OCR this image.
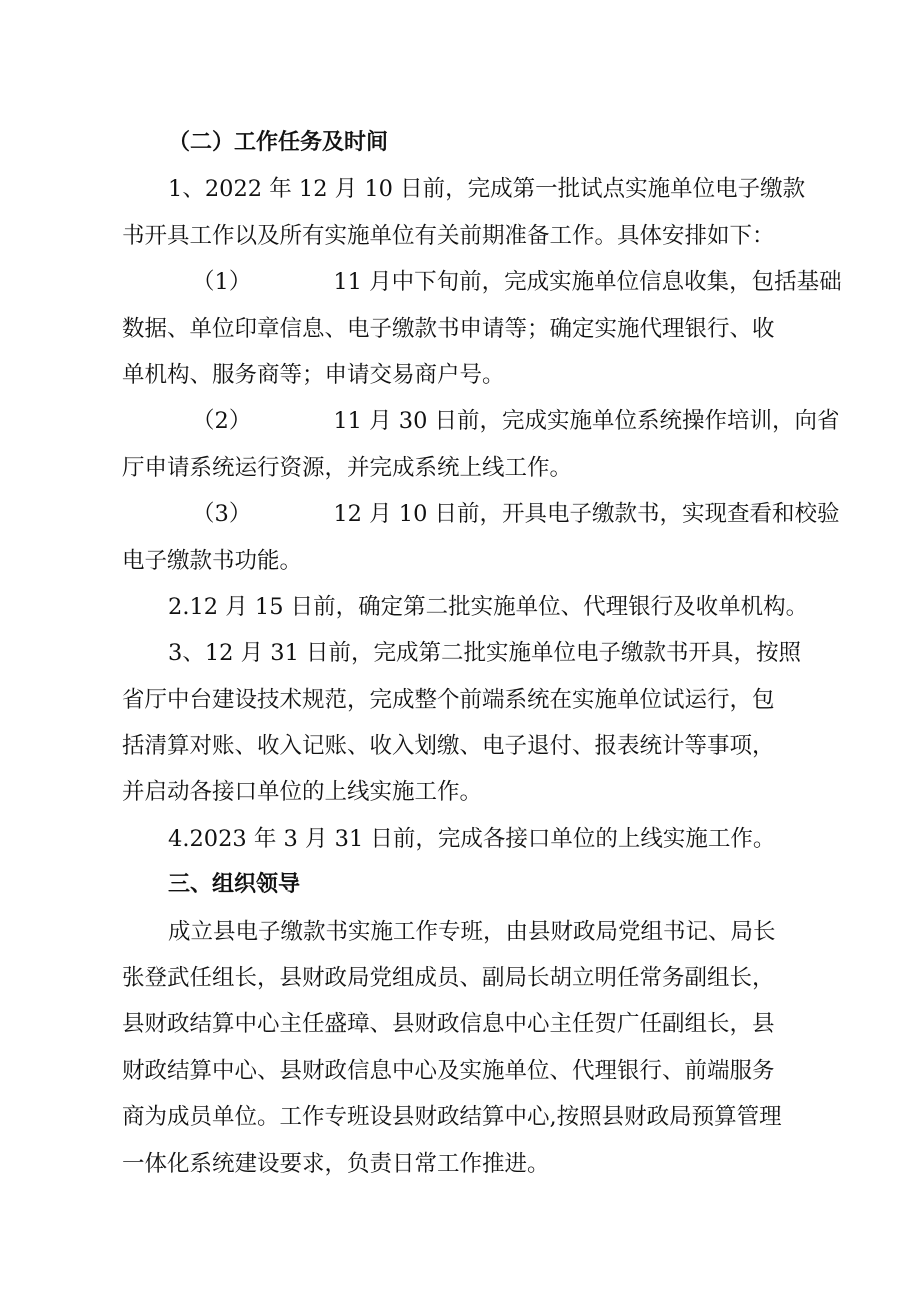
（二）工作任务及时间
1、2022 年 12 月 10 日前，完成第一批试点实施单位电子缴款
书开具工作以及所有实施单位有关前期准备工作。具体安排如下：
（1）	11 月中下旬前，完成实施单位信息收集，包括基础
数据、单位印章信息、电子缴款书申请等；确定实施代理银行、收
单机构、服务商等；申请交易商户号。
（2）	11 月 30 日前，完成实施单位系统操作培训，向省
厅申请系统运行资源，并完成系统上线工作。
（3）	12 月 10 日前，开具电子缴款书，实现查看和校验
电子缴款书功能。
2.12 月 15 日前，确定第二批实施单位、代理银行及收单机构。
3、12 月 31 日前，完成第二批实施单位电子缴款书开具，按照
省厅中台建设技术规范，完成整个前端系统在实施单位试运行，包
括清算对账、收入记账、收入划缴、电子退付、报表统计等事项，
并启动各接口单位的上线实施工作。
4.2023 年 3 月 31 日前，完成各接口单位的上线实施工作。
三、组织领导
成立县电子缴款书实施工作专班，由县财政局党组书记、局长
张登武任组长，县财政局党组成员、副局长胡立明任常务副组长，
县财政结算中心主任盛璋、县财政信息中心主任贺广任副组长，县
财政结算中心、县财政信息中心及实施单位、代理银行、前端服务
商为成员单位。工作专班设县财政结算中心,按照县财政局预算管理
一体化系统建设要求，负责日常工作推进。
